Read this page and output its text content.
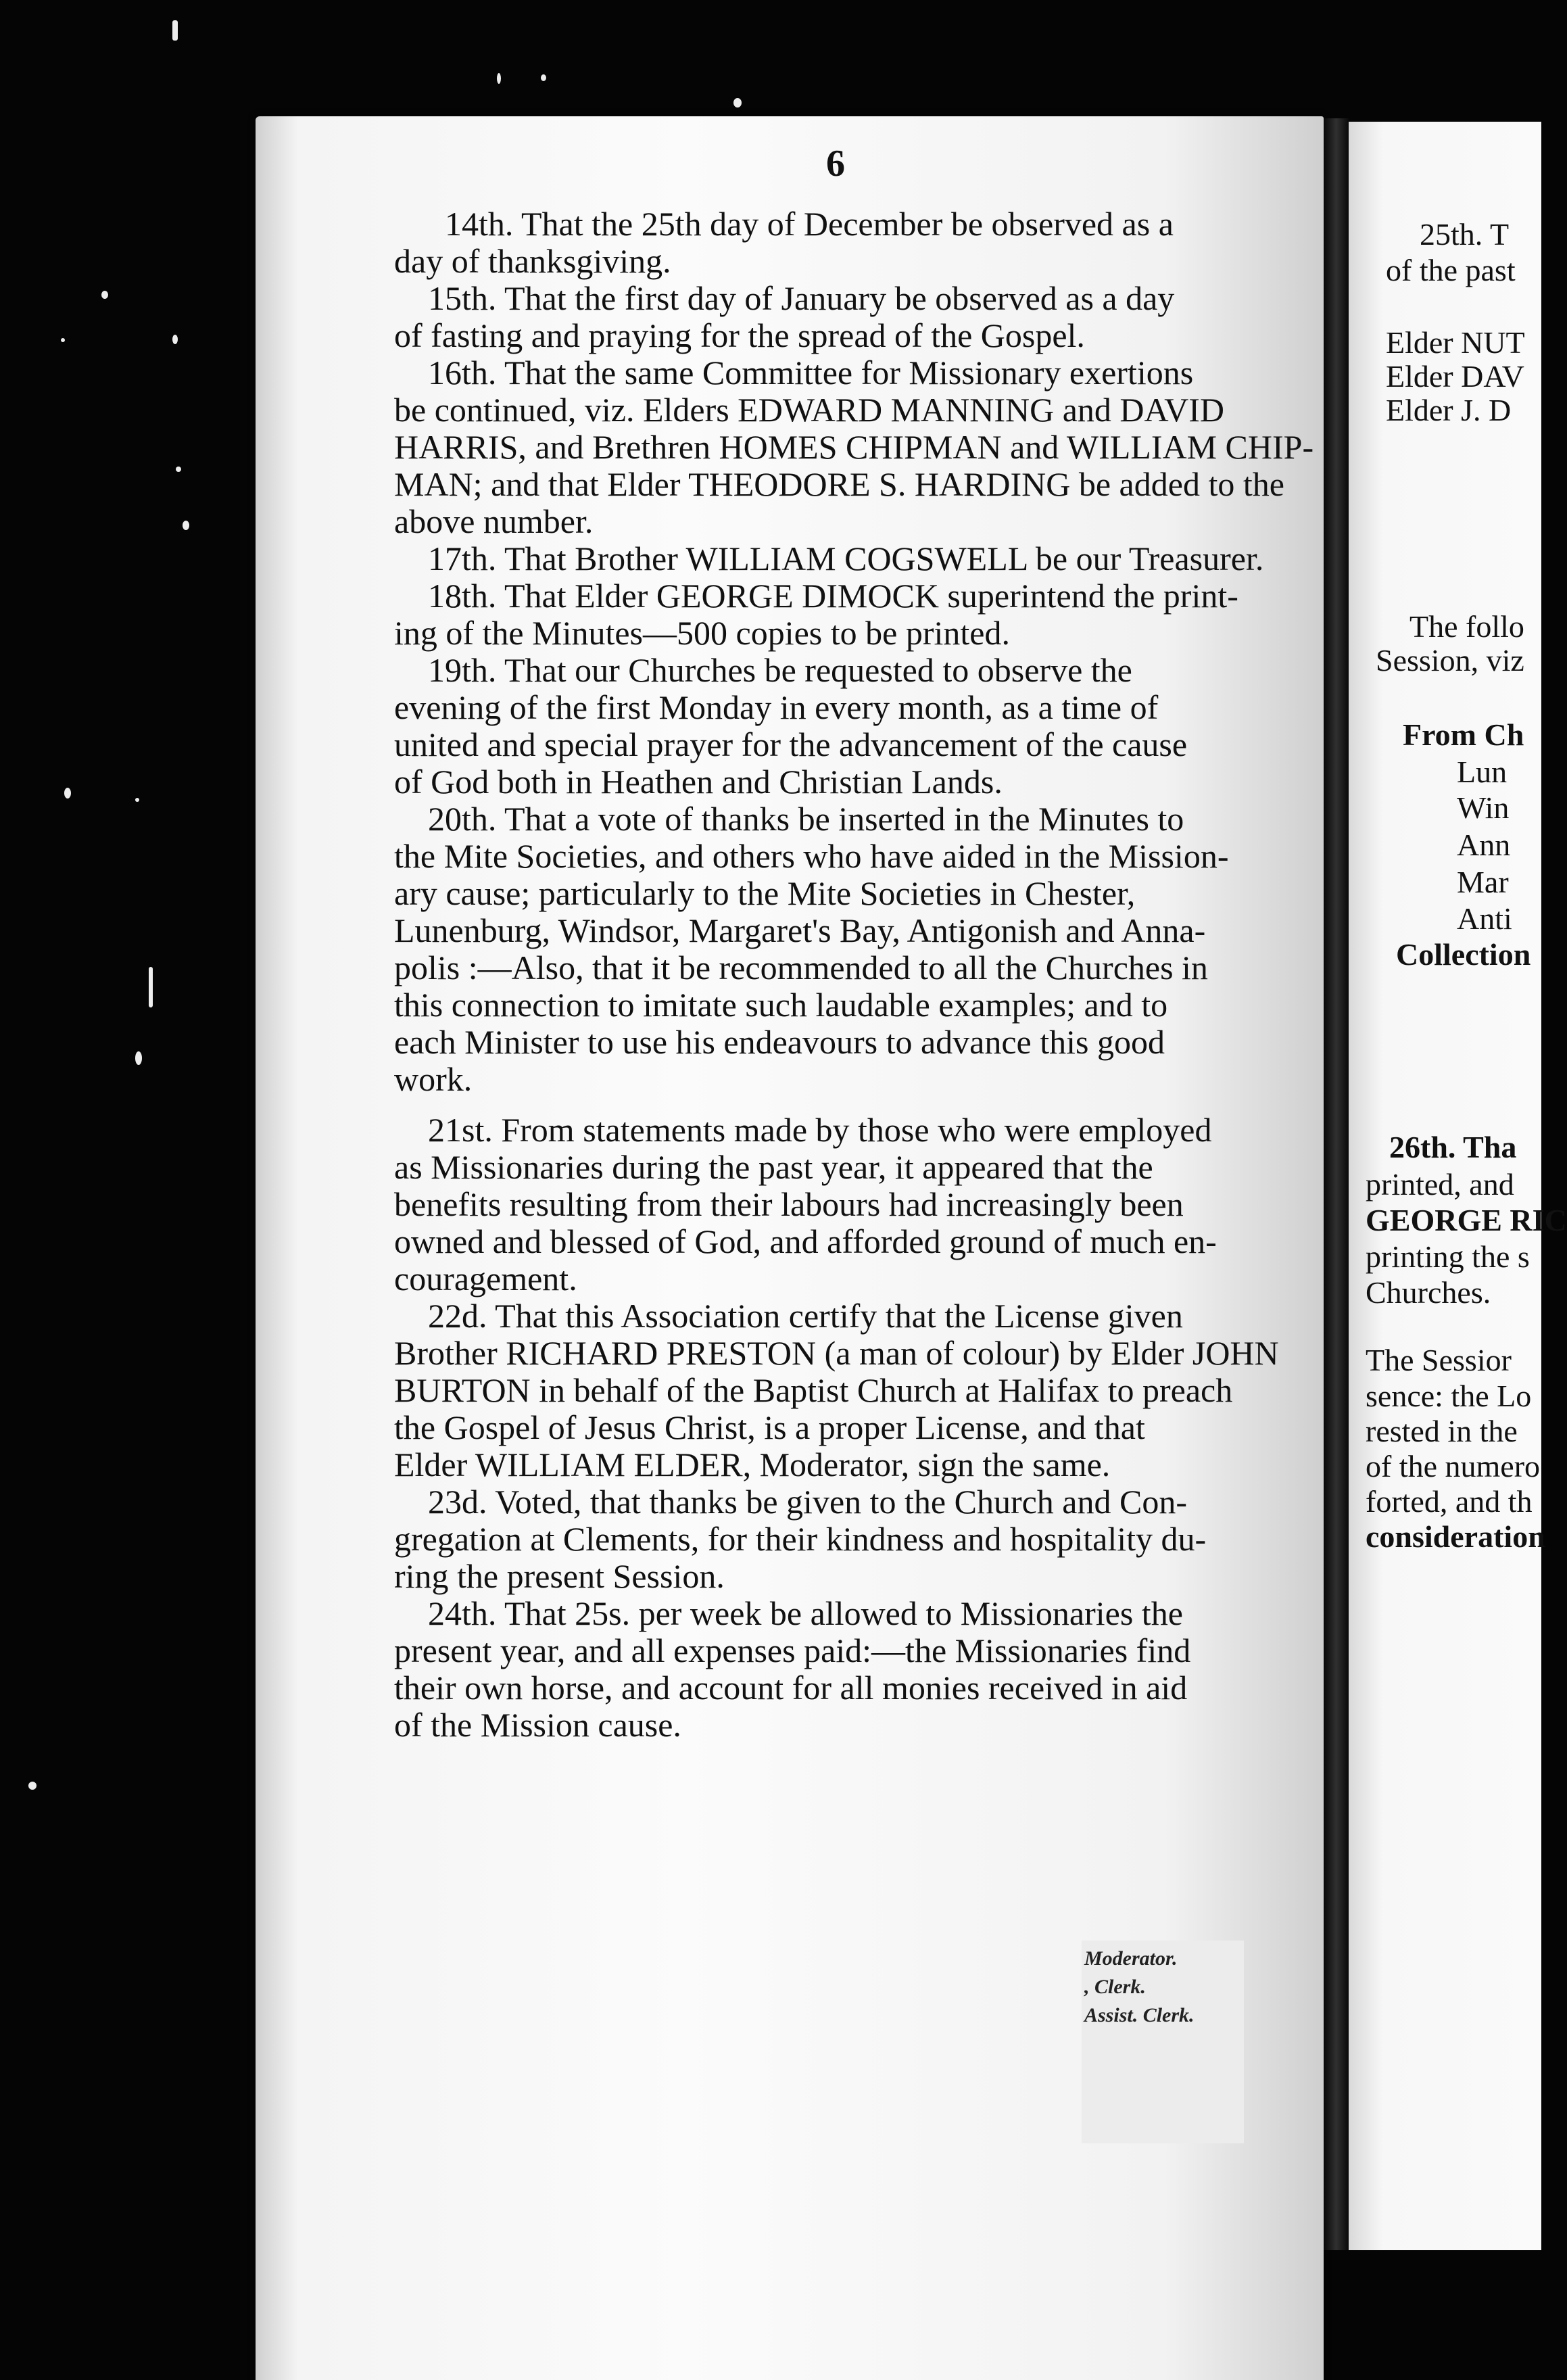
6
14th. That the 25th day of December be observed as a
day of thanksgiving.
15th. That the first day of January be observed as a day
of fasting and praying for the spread of the Gospel.
16th. That the same Committee for Missionary exertions
be continued, viz. Elders EDWARD MANNING and DAVID
HARRIS, and Brethren HOMES CHIPMAN and WILLIAM CHIP-
MAN; and that Elder THEODORE S. HARDING be added to the
above number.
17th. That Brother WILLIAM COGSWELL be our Treasurer.
18th. That Elder GEORGE DIMOCK superintend the print-
ing of the Minutes—500 copies to be printed.
19th. That our Churches be requested to observe the
evening of the first Monday in every month, as a time of
united and special prayer for the advancement of the cause
of God both in Heathen and Christian Lands.
20th. That a vote of thanks be inserted in the Minutes to
the Mite Societies, and others who have aided in the Mission-
ary cause; particularly to the Mite Societies in Chester,
Lunenburg, Windsor, Margaret's Bay, Antigonish and Anna-
polis :—Also, that it be recommended to all the Churches in
this connection to imitate such laudable examples; and to
each Minister to use his endeavours to advance this good
work.
21st. From statements made by those who were employed
as Missionaries during the past year, it appeared that the
benefits resulting from their labours had increasingly been
owned and blessed of God, and afforded ground of much en-
couragement.
22d. That this Association certify that the License given
Brother RICHARD PRESTON (a man of colour) by Elder JOHN
BURTON in behalf of the Baptist Church at Halifax to preach
the Gospel of Jesus Christ, is a proper License, and that
Elder WILLIAM ELDER, Moderator, sign the same.
23d. Voted, that thanks be given to the Church and Con-
gregation at Clements, for their kindness and hospitality du-
ring the present Session.
24th. That 25s. per week be allowed to Missionaries the
present year, and all expenses paid:—the Missionaries find
their own horse, and account for all monies received in aid
of the Mission cause.
Moderator.
, Clerk.
Assist. Clerk.
25th. T
of the past
Elder NUT
Elder DAV
Elder J. D
The follo
Session, viz
From Ch
Lun
Win
Ann
Mar
Anti
Collection
26th. Tha
printed, and
GEORGE RIC
printing the s
Churches.
The Sessior
sence: the Lo
rested in the
of the numero
forted, and th
consideration
